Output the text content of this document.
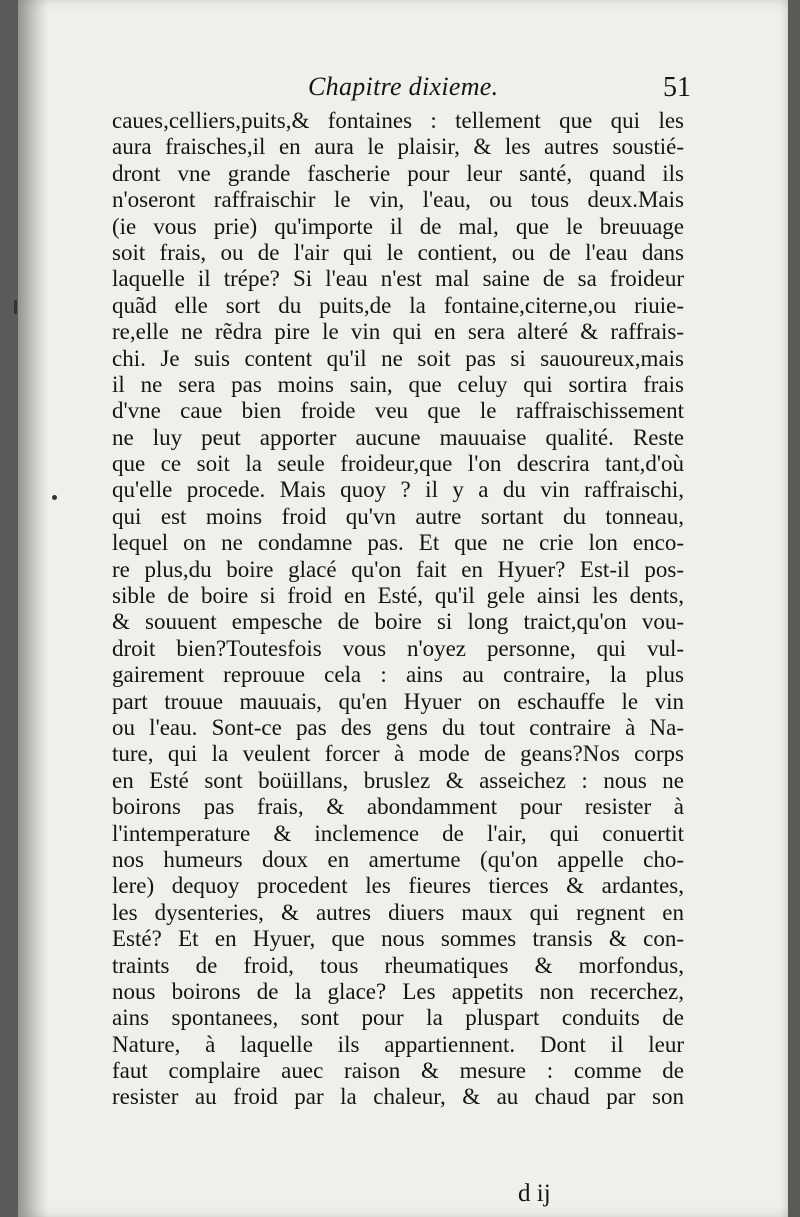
Chapitre dixieme.	51
caues,celliers,puits,& fontaines : tellement que qui les
aura fraisches,il en aura le plaisir, & les autres soustié-
dront vne grande fascherie pour leur santé, quand ils
n'oseront raffraischir le vin, l'eau, ou tous deux.Mais
(ie vous prie) qu'importe il de mal, que le breuuage
soit frais, ou de l'air qui le contient, ou de l'eau dans
laquelle il trépe? Si l'eau n'est mal saine de sa froideur
quãd elle sort du puits,de la fontaine,citerne,ou riuie-
re,elle ne rẽdra pire le vin qui en sera alteré & raffrais-
chi. Je suis content qu'il ne soit pas si sauoureux,mais
il ne sera pas moins sain, que celuy qui sortira frais
d'vne caue bien froide veu que le raffraischissement
ne luy peut apporter aucune mauuaise qualité. Reste
que ce soit la seule froideur,que l'on descrira tant,d'où
qu'elle procede. Mais quoy ? il y a du vin raffraischi,
qui est moins froid qu'vn autre sortant du tonneau,
lequel on ne condamne pas. Et que ne crie lon enco-
re plus,du boire glacé qu'on fait en Hyuer? Est-il pos-
sible de boire si froid en Esté, qu'il gele ainsi les dents,
& souuent empesche de boire si long traict,qu'on vou-
droit bien?Toutesfois vous n'oyez personne, qui vul-
gairement reprouue cela : ains au contraire, la plus
part trouue mauuais, qu'en Hyuer on eschauffe le vin
ou l'eau. Sont-ce pas des gens du tout contraire à Na-
ture, qui la veulent forcer à mode de geans?Nos corps
en Esté sont boüillans, bruslez & asseichez : nous ne
boirons pas frais, & abondamment pour resister à
l'intemperature & inclemence de l'air, qui conuertit
nos humeurs doux en amertume (qu'on appelle cho-
lere) dequoy procedent les fieures tierces & ardantes,
les dysenteries, & autres diuers maux qui regnent en
Esté? Et en Hyuer, que nous sommes transis & con-
traints de froid, tous rheumatiques & morfondus,
nous boirons de la glace? Les appetits non recerchez,
ains spontanees, sont pour la pluspart conduits de
Nature, à laquelle ils appartiennent. Dont il leur
faut complaire auec raison & mesure : comme de
resister au froid par la chaleur, & au chaud par son
d ij
